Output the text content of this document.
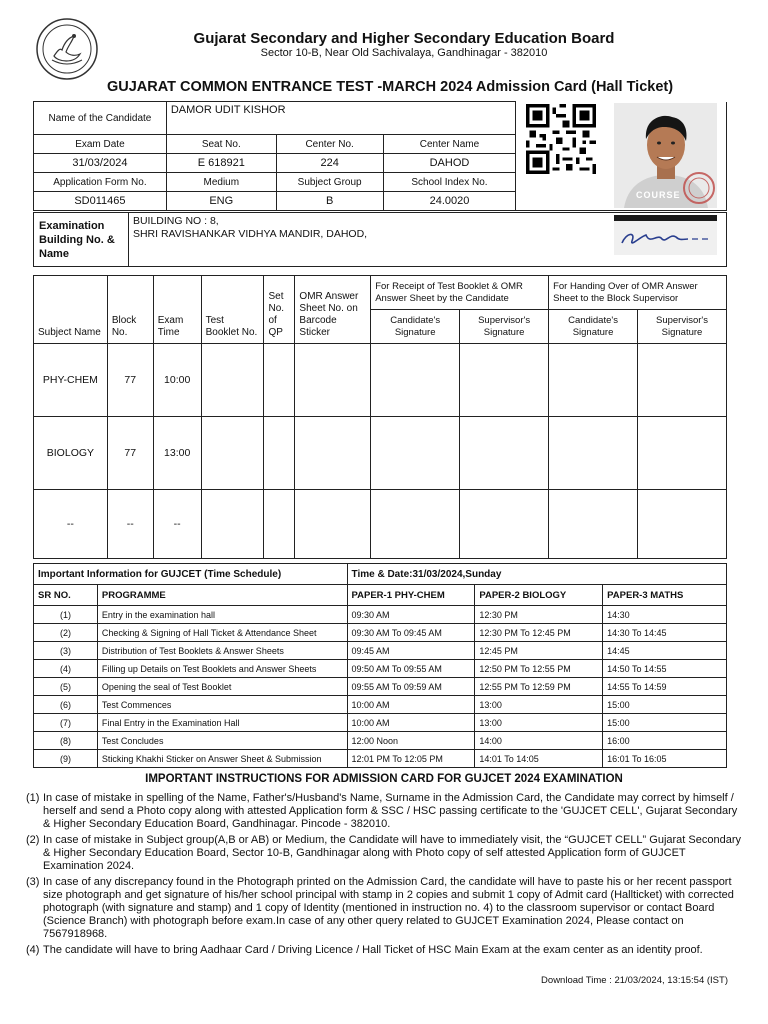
Gujarat Secondary and Higher Secondary Education Board
Sector 10-B, Near Old Sachivalaya, Gandhinagar - 382010
GUJARAT COMMON ENTRANCE TEST -MARCH 2024 Admission Card (Hall Ticket)
Name of the Candidate	DAMOR UDIT KISHOR			
Exam Date	Seat No.	Center No.	Center Name	
31/03/2024	E 618921	224	DAHOD	
Application Form No.	Medium	Subject Group	School Index No.	
SD011465	ENG	B	24.0020	
Examination Building No. & Name	
BUILDING NO : 8,
SHRI RAVISHANKAR VIDHYA MANDIR, DAHOD,
COURSE
Subject Name	Block No.	Exam Time	Test Booklet No.	Set No. of QP	OMR Answer Sheet No. on Barcode Sticker	For Receipt of Test Booklet & OMR Answer Sheet by the Candidate		For Handing Over of OMR Answer Sheet to the Block Supervisor	
						Candidate's Signature	Supervisor's Signature	Candidate's Signature	Supervisor's Signature
PHY-CHEM	77	10:00							
BIOLOGY	77	13:00							
--	--	--							
Important Information for GUJCET (Time Schedule)		Time & Date:31/03/2024,Sunday		
SR NO.	PROGRAMME	PAPER-1 PHY-CHEM	PAPER-2 BIOLOGY	PAPER-3 MATHS
(1)	Entry in the examination hall	09:30 AM	12:30 PM	14:30
(2)	Checking & Signing of Hall Ticket & Attendance Sheet	09:30 AM To 09:45 AM	12:30 PM To 12:45 PM	14:30 To 14:45
(3)	Distribution of Test Booklets & Answer Sheets	09:45 AM	12:45 PM	14:45
(4)	Filling up Details on Test Booklets and Answer Sheets	09:50 AM To 09:55 AM	12:50 PM To 12:55 PM	14:50 To 14:55
(5)	Opening the seal of Test Booklet	09:55 AM To 09:59 AM	12:55 PM To 12:59 PM	14:55 To 14:59
(6)	Test Commences	10:00 AM	13:00	15:00
(7)	Final Entry in the Examination Hall	10:00 AM	13:00	15:00
(8)	Test Concludes	12:00 Noon	14:00	16:00
(9)	Sticking Khakhi Sticker on Answer Sheet & Submission	12:01 PM To 12:05 PM	14:01 To 14:05	16:01 To 16:05
IMPORTANT INSTRUCTIONS FOR ADMISSION CARD FOR GUJCET 2024 EXAMINATION
(1) In case of mistake in spelling of the Name, Father's/Husband's Name, Surname in the Admission Card, the Candidate may correct by himself / herself and send a Photo copy along with attested Application form & SSC / HSC passing certificate to the 'GUJCET CELL', Gujarat Secondary & Higher Secondary Education Board, Gandhinagar. Pincode - 382010.
(2) In case of mistake in Subject group(A,B or AB) or Medium, the Candidate will have to immediately visit, the “GUJCET CELL” Gujarat Secondary & Higher Secondary Education Board, Sector 10-B, Gandhinagar along with Photo copy of self attested Application form of GUJCET Examination 2024.
(3) In case of any discrepancy found in the Photograph printed on the Admission Card, the candidate will have to paste his or her recent passport size photograph and get signature of his/her school principal with stamp in 2 copies and submit 1 copy of Admit card (Hallticket) with corrected photograph (with signature and stamp) and 1 copy of Identity (mentioned in instruction no. 4) to the classroom supervisor or contact Board (Science Branch) with photograph before exam.In case of any other query related to GUJCET Examination 2024, Please contact on 7567918968.
(4) The candidate will have to bring Aadhaar Card / Driving Licence / Hall Ticket of HSC Main Exam at the exam center as an identity proof.
Download Time : 21/03/2024, 13:15:54 (IST)
